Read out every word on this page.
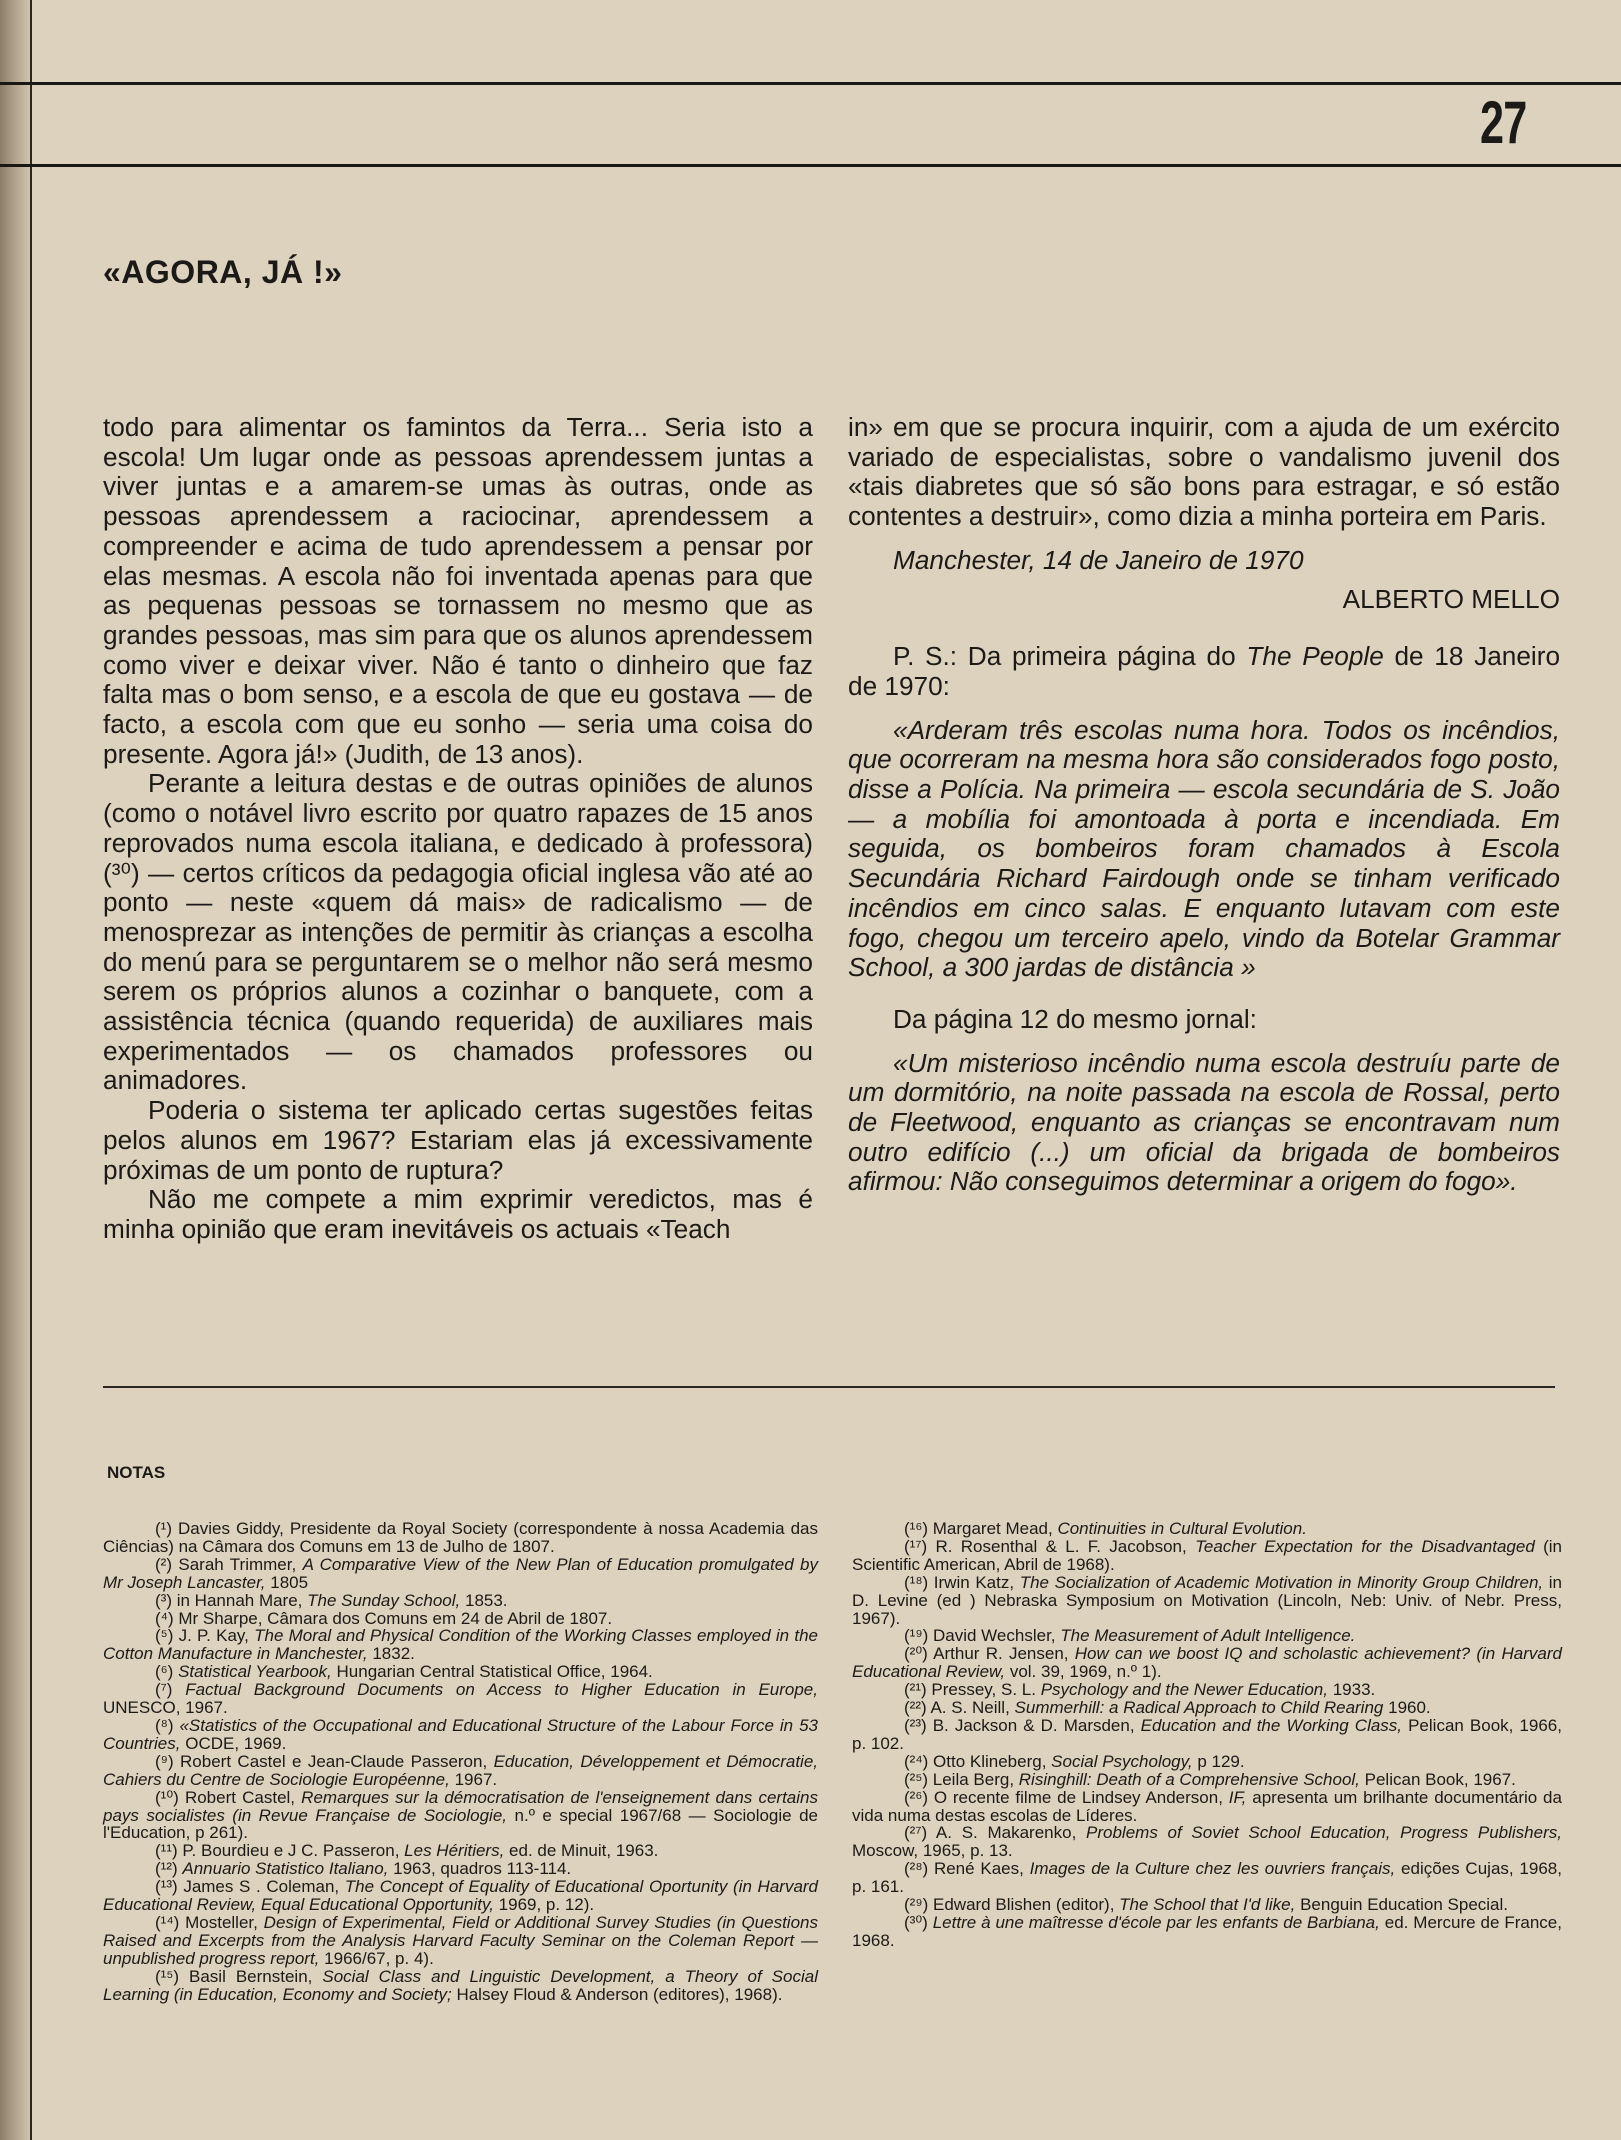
27
«AGORA, JÁ !»

todo para alimentar os famintos da Terra... Seria isto a escola! Um lugar onde as pessoas aprendessem juntas a viver juntas e a amarem-se umas às outras, onde as pessoas aprendessem a raciocinar, aprendessem a compreender e acima de tudo aprendessem a pensar por elas mesmas. A escola não foi inventada apenas para que as pequenas pessoas se tornassem no mesmo que as grandes pessoas, mas sim para que os alunos aprendessem como viver e deixar viver. Não é tanto o dinheiro que faz falta mas o bom senso, e a escola de que eu gostava — de facto, a escola com que eu sonho — seria uma coisa do presente. Agora já!» (Judith, de 13 anos).

Perante a leitura destas e de outras opiniões de alunos (como o notável livro escrito por quatro rapazes de 15 anos reprovados numa escola italiana, e dedicado à professora) (³⁰) — certos críticos da pedagogia oficial inglesa vão até ao ponto — neste «quem dá mais» de radicalismo — de menosprezar as intenções de permitir às crianças a escolha do menú para se perguntarem se o melhor não será mesmo serem os próprios alunos a cozinhar o banquete, com a assistência técnica (quando requerida) de auxiliares mais experimentados — os chamados professores ou animadores.

Poderia o sistema ter aplicado certas sugestões feitas pelos alunos em 1967? Estariam elas já excessivamente próximas de um ponto de ruptura?

Não me compete a mim exprimir veredictos, mas é minha opinião que eram inevitáveis os actuais «Teach

in» em que se procura inquirir, com a ajuda de um exército variado de especialistas, sobre o vandalismo juvenil dos «tais diabretes que só são bons para estragar, e só estão contentes a destruir», como dizia a minha porteira em Paris.

Manchester, 14 de Janeiro de 1970

ALBERTO MELLO

P. S.: Da primeira página do The People de 18 Janeiro de 1970:

«Arderam três escolas numa hora. Todos os incêndios, que ocorreram na mesma hora são considerados fogo posto, disse a Polícia. Na primeira — escola secundária de S. João — a mobília foi amontoada à porta e incendiada. Em seguida, os bombeiros foram chamados à Escola Secundária Richard Fairdough onde se tinham verificado incêndios em cinco salas. E enquanto lutavam com este fogo, chegou um terceiro apelo, vindo da Botelar Grammar School, a 300 jardas de distância »

Da página 12 do mesmo jornal:

«Um misterioso incêndio numa escola destruíu parte de um dormitório, na noite passada na escola de Rossal, perto de Fleetwood, enquanto as crianças se encontravam num outro edifício (...) um oficial da brigada de bombeiros afirmou: Não conseguimos determinar a origem do fogo».

NOTAS

(¹) Davies Giddy, Presidente da Royal Society (correspondente à nossa Academia das Ciências) na Câmara dos Comuns em 13 de Julho de 1807.

(²) Sarah Trimmer, A Comparative View of the New Plan of Education promulgated by Mr Joseph Lancaster, 1805

(³) in Hannah Mare, The Sunday School, 1853.

(⁴) Mr Sharpe, Câmara dos Comuns em 24 de Abril de 1807.

(⁵) J. P. Kay, The Moral and Physical Condition of the Working Classes employed in the Cotton Manufacture in Manchester, 1832.

(⁶) Statistical Yearbook, Hungarian Central Statistical Office, 1964.

(⁷) Factual Background Documents on Access to Higher Education in Europe, UNESCO, 1967.

(⁸) «Statistics of the Occupational and Educational Structure of the Labour Force in 53 Countries, OCDE, 1969.

(⁹) Robert Castel e Jean-Claude Passeron, Education, Développement et Démocratie, Cahiers du Centre de Sociologie Européenne, 1967.

(¹⁰) Robert Castel, Remarques sur la démocratisation de l'enseignement dans certains pays socialistes (in Revue Française de Sociologie, n.º e special 1967/68 — Sociologie de l'Education, p 261).

(¹¹) P. Bourdieu e J C. Passeron, Les Héritiers, ed. de Minuit, 1963.

(¹²) Annuario Statistico Italiano, 1963, quadros 113-114.

(¹³) James S . Coleman, The Concept of Equality of Educational Oportunity (in Harvard Educational Review, Equal Educational Opportunity, 1969, p. 12).

(¹⁴) Mosteller, Design of Experimental, Field or Additional Survey Studies (in Questions Raised and Excerpts from the Analysis Harvard Faculty Seminar on the Coleman Report — unpublished progress report, 1966/67, p. 4).

(¹⁵) Basil Bernstein, Social Class and Linguistic Development, a Theory of Social Learning (in Education, Economy and Society; Halsey Floud & Anderson (editores), 1968).

(¹⁶) Margaret Mead, Continuities in Cultural Evolution.

(¹⁷) R. Rosenthal & L. F. Jacobson, Teacher Expectation for the Disadvantaged (in Scientific American, Abril de 1968).

(¹⁸) Irwin Katz, The Socialization of Academic Motivation in Minority Group Children, in D. Levine (ed ) Nebraska Symposium on Motivation (Lincoln, Neb: Univ. of Nebr. Press, 1967).

(¹⁹) David Wechsler, The Measurement of Adult Intelligence.

(²⁰) Arthur R. Jensen, How can we boost IQ and scholastic achievement? (in Harvard Educational Review, vol. 39, 1969, n.º 1).

(²¹) Pressey, S. L. Psychology and the Newer Education, 1933.

(²²) A. S. Neill, Summerhill: a Radical Approach to Child Rearing 1960.

(²³) B. Jackson & D. Marsden, Education and the Working Class, Pelican Book, 1966, p. 102.

(²⁴) Otto Klineberg, Social Psychology, p 129.

(²⁵) Leila Berg, Risinghill: Death of a Comprehensive School, Pelican Book, 1967.

(²⁶) O recente filme de Lindsey Anderson, IF, apresenta um brilhante documentário da vida numa destas escolas de Líderes.

(²⁷) A. S. Makarenko, Problems of Soviet School Education, Progress Publishers, Moscow, 1965, p. 13.

(²⁸) René Kaes, Images de la Culture chez les ouvriers français, edições Cujas, 1968, p. 161.

(²⁹) Edward Blishen (editor), The School that I'd like, Benguin Education Special.

(³⁰) Lettre à une maîtresse d'école par les enfants de Barbiana, ed. Mercure de France, 1968.
